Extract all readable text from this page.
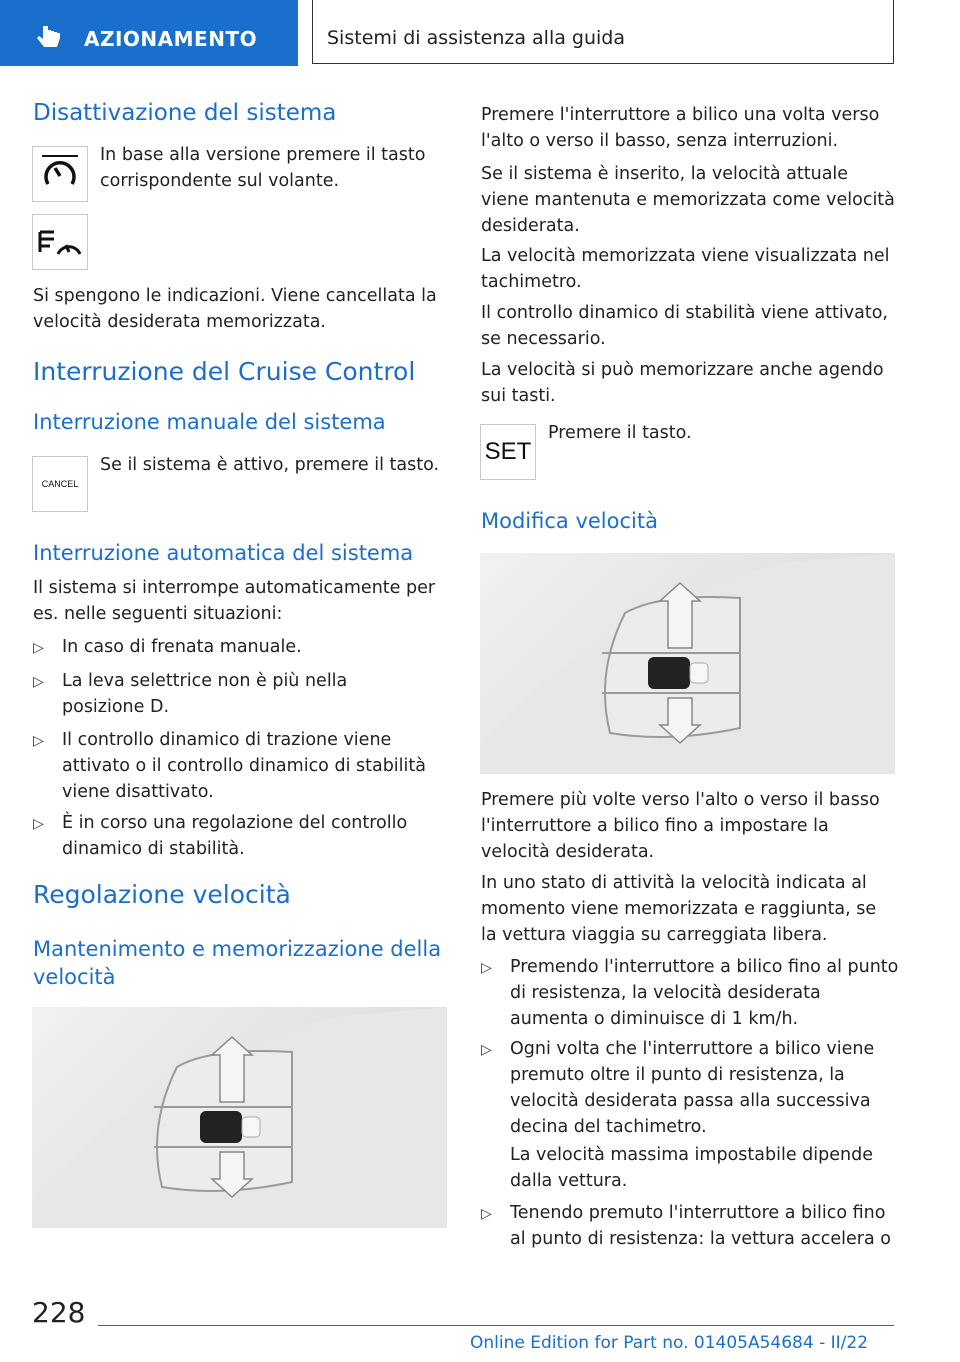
AZIONAMENTO	Sistemi di assistenza alla guida
Disattivazione del sistema

In base alla versione premere il tasto corrispondente sul volante.

Si spengono le indicazioni. Viene cancellata la velocità desiderata memorizzata.

Interruzione del Cruise Control
Interruzione manuale del sistema
CANCEL

Se il sistema è attivo, premere il tasto.

Interruzione automatica del sistema

Il sistema si interrompe automaticamente per es. nelle seguenti situazioni:

▷ In caso di frenata manuale.

▷ La leva selettrice non è più nella posizione D.

▷ Il controllo dinamico di trazione viene attivato o il controllo dinamico di stabilità viene disattivato.

▷ È in corso una regolazione del controllo dinamico di stabilità.

Regolazione velocità
Mantenimento e memorizzazione della velocità

Premere l'interruttore a bilico una volta verso l'alto o verso il basso, senza interruzioni.

Se il sistema è inserito, la velocità attuale viene mantenuta e memorizzata come velocità desiderata.

La velocità memorizzata viene visualizzata nel tachimetro.

Il controllo dinamico di stabilità viene attivato, se necessario.

La velocità si può memorizzare anche agendo sui tasti.

SET

Premere il tasto.

Modifica velocità

Premere più volte verso l'alto o verso il basso l'interruttore a bilico fino a impostare la velocità desiderata.

In uno stato di attività la velocità indicata al momento viene memorizzata e raggiunta, se la vettura viaggia su carreggiata libera.

▷ Premendo l'interruttore a bilico fino al punto di resistenza, la velocità desiderata aumenta o diminuisce di 1 km/h.

▷ Ogni volta che l'interruttore a bilico viene premuto oltre il punto di resistenza, la velocità desiderata passa alla successiva decina del tachimetro.

La velocità massima impostabile dipende dalla vettura.

▷ Tenendo premuto l'interruttore a bilico fino al punto di resistenza: la vettura accelera o

228
Online Edition for Part no. 01405A54684 - II/22
